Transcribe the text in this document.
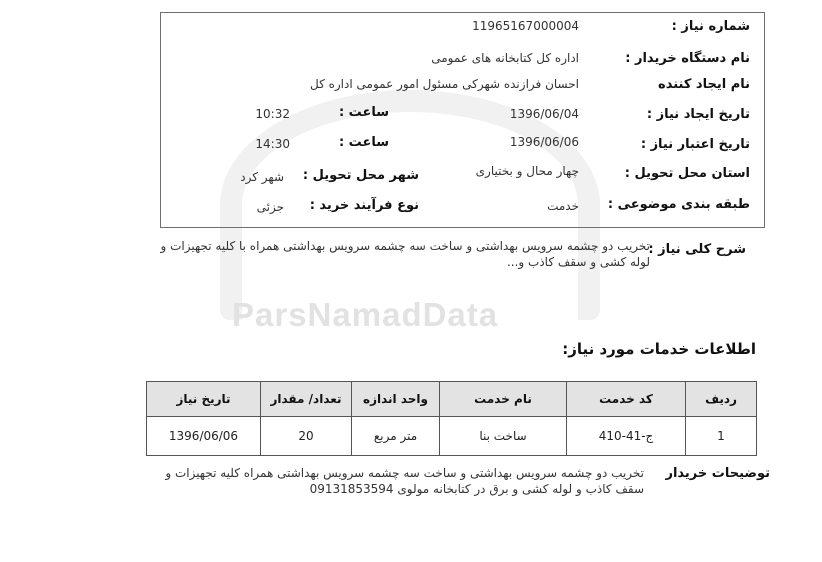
ParsNamadData
شماره نیاز :
11965167000004
نام دستگاه خریدار :
اداره کل کتابخانه های عمومی
نام ایجاد کننده
احسان فرازنده شهرکی مسئول امور عمومی اداره کل
تاریخ ایجاد نیاز :
1396/06/04
ساعت :
10:32
تاریخ اعتبار نیاز :
1396/06/06
ساعت :
14:30
استان محل تحویل :
چهار محال و بختیاری
شهر محل تحویل :
شهر کرد
طبقه بندی موضوعی :
خدمت
نوع فرآیند خرید :
جزئی
شرح کلی نیاز :
تخریب دو چشمه سرویس بهداشتی و ساخت سه چشمه سرویس بهداشتی همراه با کلیه تجهیزات و لوله کشی و سقف کاذب و...
اطلاعات خدمات مورد نیاز:
ردیف	کد خدمت	نام خدمت	واحد اندازه	تعداد/ مقدار	تاریخ نیاز
1	ج-41-410	ساخت بنا	متر مربع	20	1396/06/06
توضیحات خریدار
تخریب دو چشمه سرویس بهداشتی و ساخت سه چشمه سرویس بهداشتی همراه کلیه تجهیزات و سقف کاذب و لوله کشی و برق در کتابخانه مولوی 09131853594
